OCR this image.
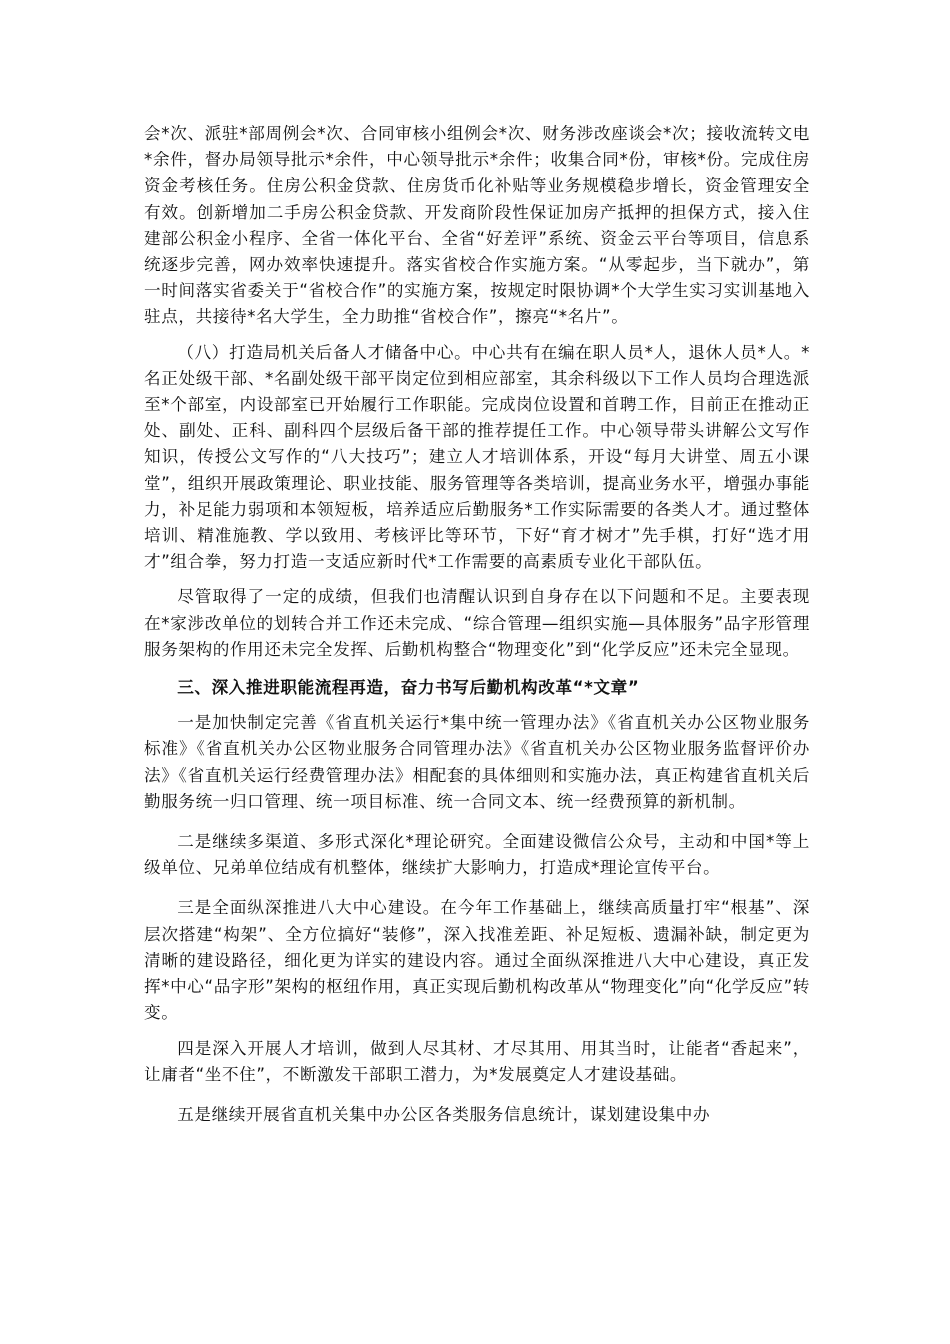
会*次、派驻*部周例会*次、合同审核小组例会*次、财务涉改座谈会*次；接收流转文电*余件，督办局领导批示*余件，中心领导批示*余件；收集合同*份，审核*份。完成住房资金考核任务。住房公积金贷款、住房货币化补贴等业务规模稳步增长，资金管理安全有效。创新增加二手房公积金贷款、开发商阶段性保证加房产抵押的担保方式，接入住建部公积金小程序、全省一体化平台、全省“好差评”系统、资金云平台等项目，信息系统逐步完善，网办效率快速提升。落实省校合作实施方案。“从零起步，当下就办”，第一时间落实省委关于“省校合作”的实施方案，按规定时限协调*个大学生实习实训基地入驻点，共接待*名大学生，全力助推“省校合作”，擦亮“*名片”。

（八）打造局机关后备人才储备中心。中心共有在编在职人员*人，退休人员*人。*名正处级干部、*名副处级干部平岗定位到相应部室，其余科级以下工作人员均合理选派至*个部室，内设部室已开始履行工作职能。完成岗位设置和首聘工作，目前正在推动正处、副处、正科、副科四个层级后备干部的推荐提任工作。中心领导带头讲解公文写作知识，传授公文写作的“八大技巧”；建立人才培训体系，开设“每月大讲堂、周五小课堂”，组织开展政策理论、职业技能、服务管理等各类培训，提高业务水平，增强办事能力，补足能力弱项和本领短板，培养适应后勤服务*工作实际需要的各类人才。通过整体培训、精准施教、学以致用、考核评比等环节，下好“育才树才”先手棋，打好“选才用才”组合拳，努力打造一支适应新时代*工作需要的高素质专业化干部队伍。

尽管取得了一定的成绩，但我们也清醒认识到自身存在以下问题和不足。主要表现在*家涉改单位的划转合并工作还未完成、“综合管理—组织实施—具体服务”品字形管理服务架构的作用还未完全发挥、后勤机构整合“物理变化”到“化学反应”还未完全显现。

三、深入推进职能流程再造，奋力书写后勤机构改革“*文章”

一是加快制定完善《省直机关运行*集中统一管理办法》《省直机关办公区物业服务标准》《省直机关办公区物业服务合同管理办法》《省直机关办公区物业服务监督评价办法》《省直机关运行经费管理办法》相配套的具体细则和实施办法，真正构建省直机关后勤服务统一归口管理、统一项目标准、统一合同文本、统一经费预算的新机制。

二是继续多渠道、多形式深化*理论研究。全面建设微信公众号，主动和中国*等上级单位、兄弟单位结成有机整体，继续扩大影响力，打造成*理论宣传平台。

三是全面纵深推进八大中心建设。在今年工作基础上，继续高质量打牢“根基”、深层次搭建“构架”、全方位搞好“装修”，深入找准差距、补足短板、遗漏补缺，制定更为清晰的建设路径，细化更为详实的建设内容。通过全面纵深推进八大中心建设，真正发挥*中心“品字形”架构的枢纽作用，真正实现后勤机构改革从“物理变化”向“化学反应”转变。

四是深入开展人才培训，做到人尽其材、才尽其用、用其当时，让能者“香起来”，让庸者“坐不住”，不断激发干部职工潜力，为*发展奠定人才建设基础。

五是继续开展省直机关集中办公区各类服务信息统计，谋划建设集中办
